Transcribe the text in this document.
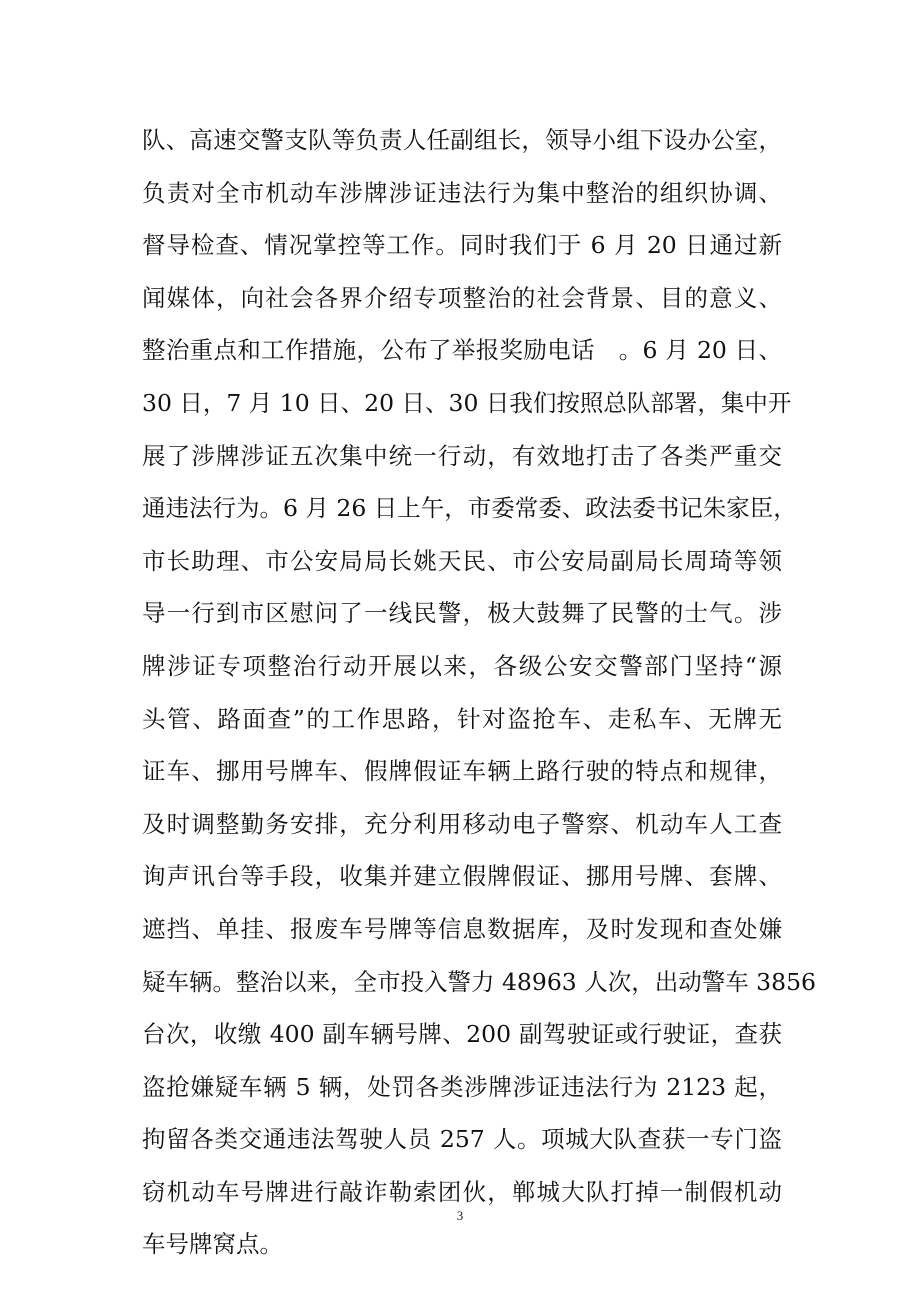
队、高速交警支队等负责人任副组长，领导小组下设办公室，
负责对全市机动车涉牌涉证违法行为集中整治的组织协调、
督导检查、情况掌控等工作。同时我们于 6 月 20 日通过新
闻媒体，向社会各界介绍专项整治的社会背景、目的意义、
整治重点和工作措施，公布了举报奖励电话　。6 月 20 日、
30 日，7 月 10 日、20 日、30 日我们按照总队部署，集中开
展了涉牌涉证五次集中统一行动，有效地打击了各类严重交
通违法行为。6 月 26 日上午，市委常委、政法委书记朱家臣，
市长助理、市公安局局长姚天民、市公安局副局长周琦等领
导一行到市区慰问了一线民警，极大鼓舞了民警的士气。涉
牌涉证专项整治行动开展以来，各级公安交警部门坚持“源
头管、路面查”的工作思路，针对盗抢车、走私车、无牌无
证车、挪用号牌车、假牌假证车辆上路行驶的特点和规律，
及时调整勤务安排，充分利用移动电子警察、机动车人工查
询声讯台等手段，收集并建立假牌假证、挪用号牌、套牌、
遮挡、单挂、报废车号牌等信息数据库，及时发现和查处嫌
疑车辆。整治以来，全市投入警力 48963 人次，出动警车 3856
台次，收缴 400 副车辆号牌、200 副驾驶证或行驶证，查获
盗抢嫌疑车辆 5 辆，处罚各类涉牌涉证违法行为 2123 起，
拘留各类交通违法驾驶人员 257 人。项城大队查获一专门盗
窃机动车号牌进行敲诈勒索团伙，郸城大队打掉一制假机动
车号牌窝点。
3
